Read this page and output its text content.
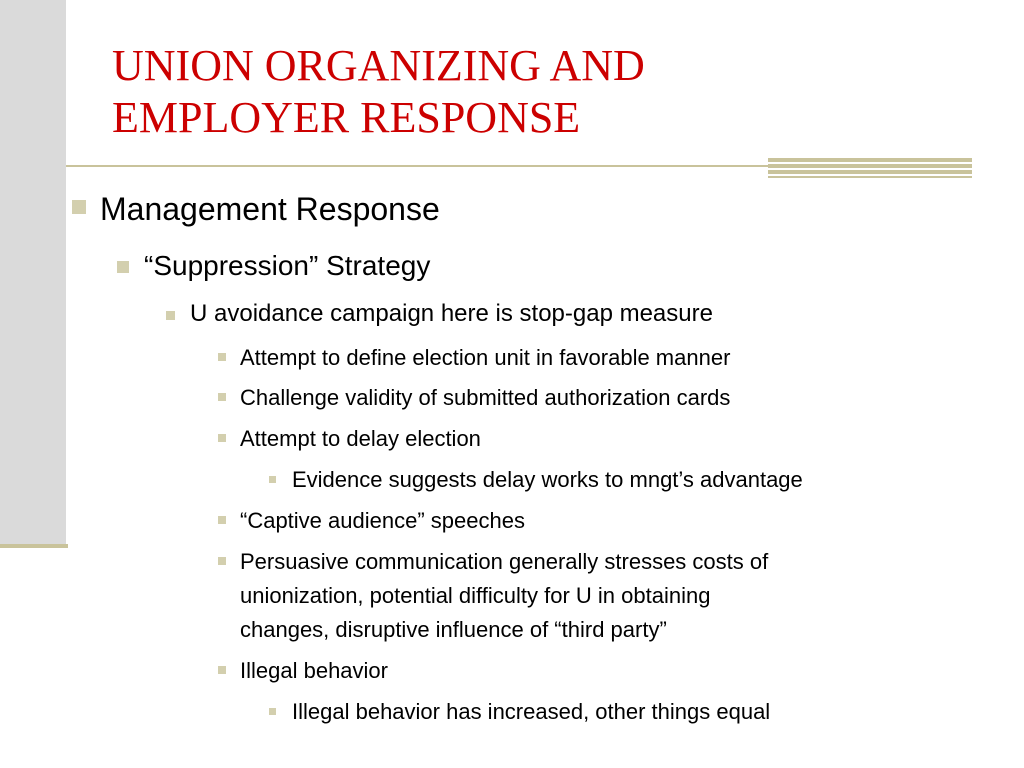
UNION ORGANIZING AND
EMPLOYER RESPONSE
Management Response
“Suppression” Strategy
U avoidance campaign here is stop-gap measure
Attempt to define election unit in favorable manner
Challenge validity of submitted authorization cards
Attempt to delay election
Evidence suggests delay works to mngt’s advantage
“Captive audience” speeches
Persuasive communication generally stresses costs of
unionization, potential difficulty for U in obtaining
changes, disruptive influence of “third party”
Illegal behavior
Illegal behavior has increased, other things equal
